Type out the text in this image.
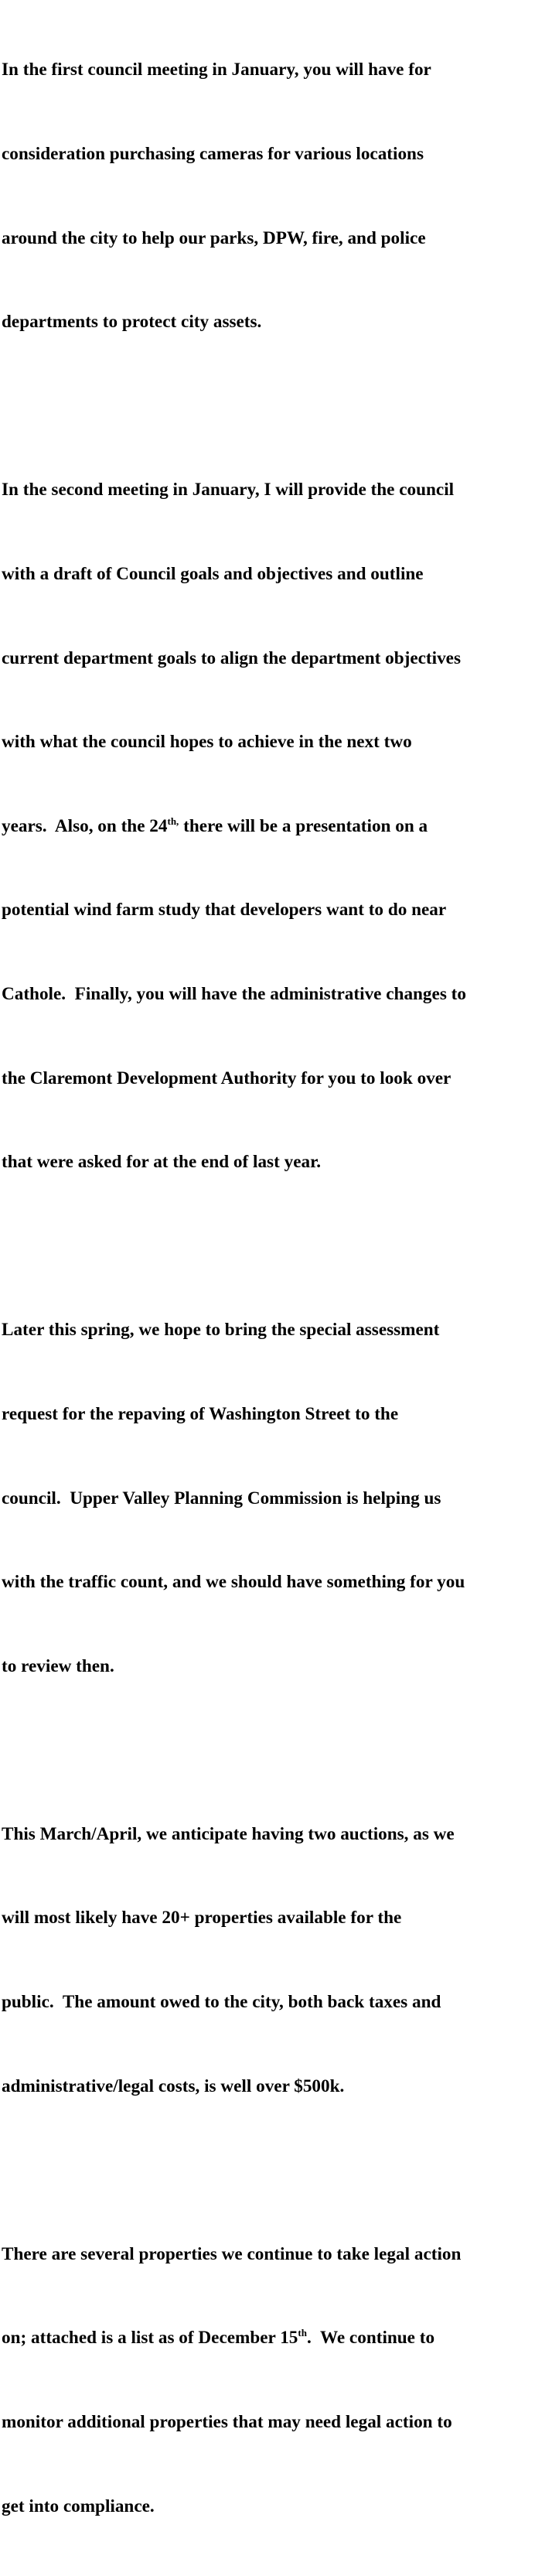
In the first council meeting in January, you will have for

consideration purchasing cameras for various locations

around the city to help our parks, DPW, fire, and police

departments to protect city assets.

In the second meeting in January, I will provide the council

with a draft of Council goals and objectives and outline

current department goals to align the department objectives

with what the council hopes to achieve in the next two

years.  Also, on the $24^{th,}$ there will be a presentation on a

potential wind farm study that developers want to do near

Cathole.  Finally, you will have the administrative changes to

the Claremont Development Authority for you to look over

that were asked for at the end of last year.

Later this spring, we hope to bring the special assessment

request for the repaving of Washington Street to the

council.  Upper Valley Planning Commission is helping us

with the traffic count, and we should have something for you

to review then.

This March/April, we anticipate having two auctions, as we

will most likely have 20+ properties available for the

public.  The amount owed to the city, both back taxes and

administrative/legal costs, is well over $500k.

There are several properties we continue to take legal action

on; attached is a list as of December 15th.  We continue to

monitor additional properties that may need legal action to

get into compliance.
